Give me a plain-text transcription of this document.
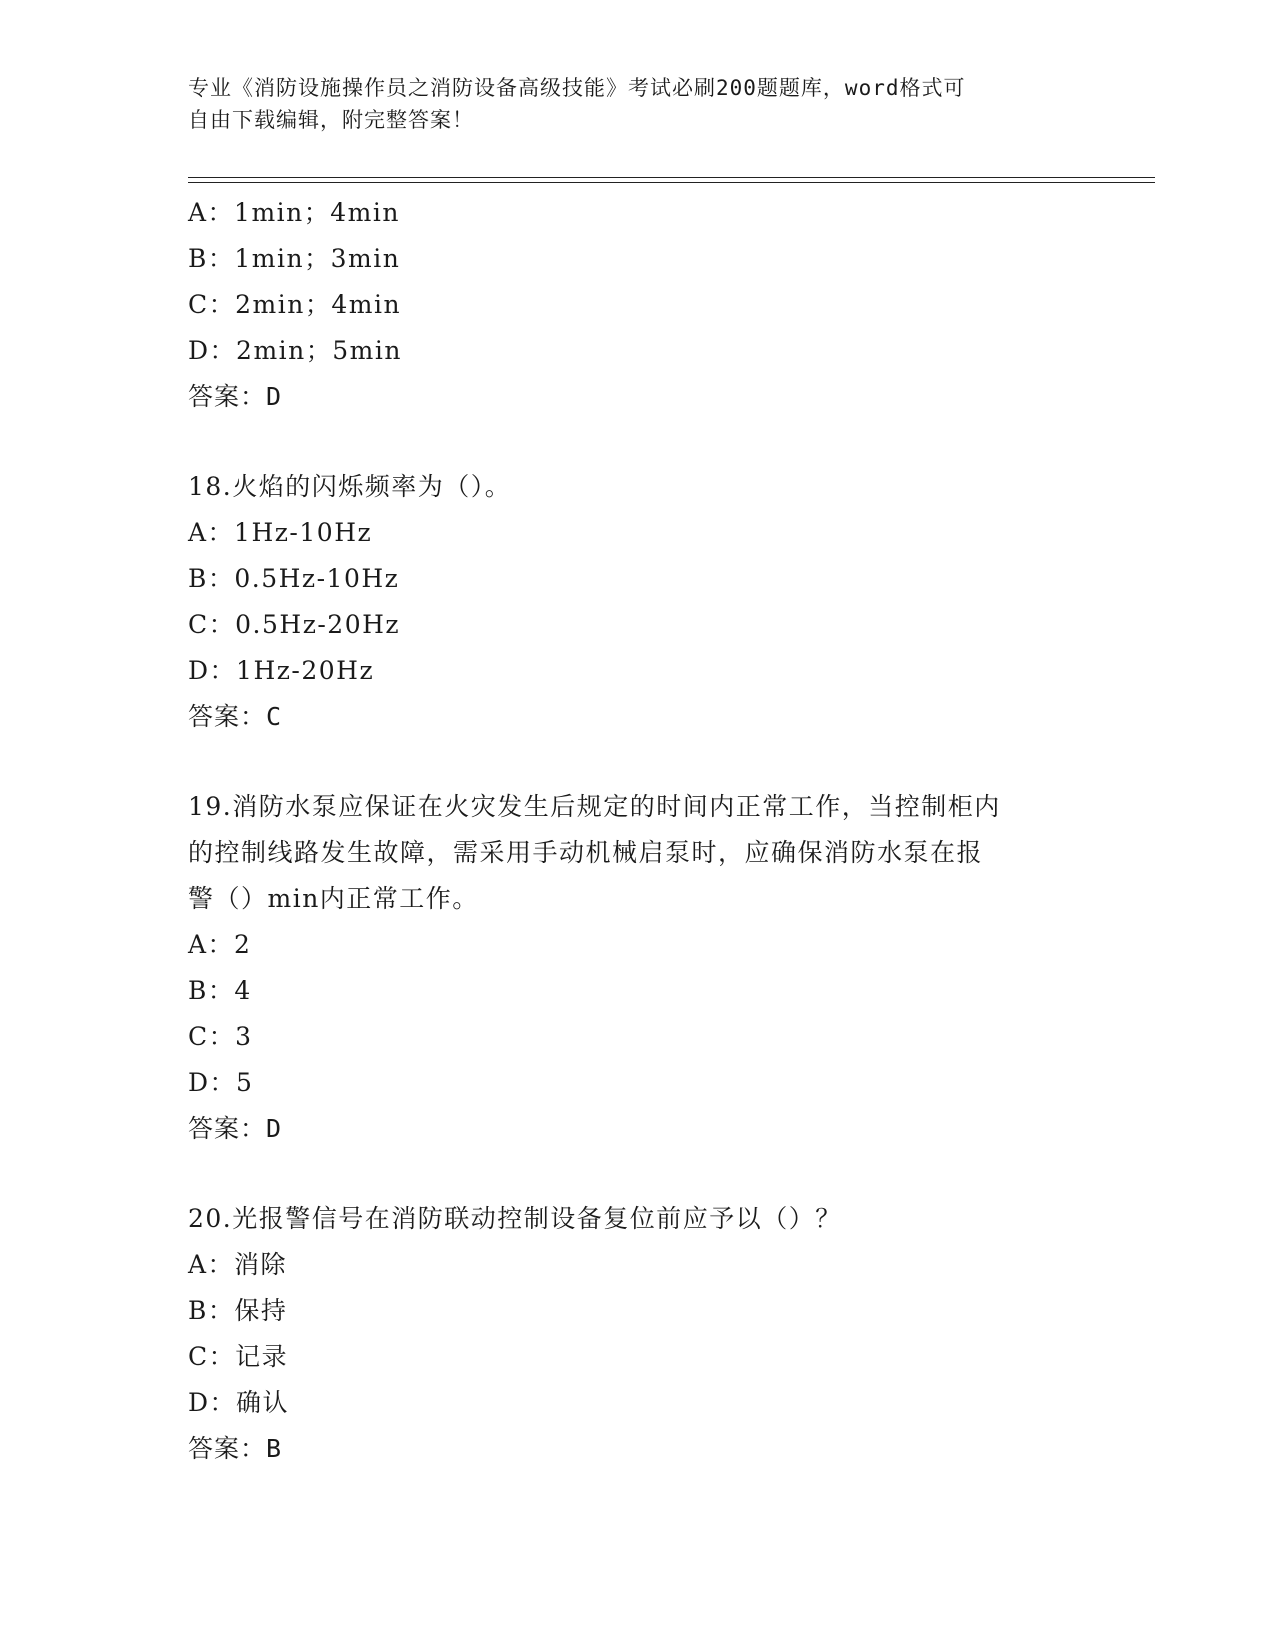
专业《消防设施操作员之消防设备高级技能》考试必刷200题题库，word格式可
自由下载编辑，附完整答案！
A：1min；4min
B：1min；3min
C：2min；4min
D：2min；5min
答案：D
18.火焰的闪烁频率为（）。
A：1Hz-10Hz
B：0.5Hz-10Hz
C：0.5Hz-20Hz
D：1Hz-20Hz
答案：C
19.消防水泵应保证在火灾发生后规定的时间内正常工作，当控制柜内
的控制线路发生故障，需采用手动机械启泵时，应确保消防水泵在报
警（）min内正常工作。
A：2
B：4
C：3
D：5
答案：D
20.光报警信号在消防联动控制设备复位前应予以（）？
A：消除
B：保持
C：记录
D：确认
答案：B
